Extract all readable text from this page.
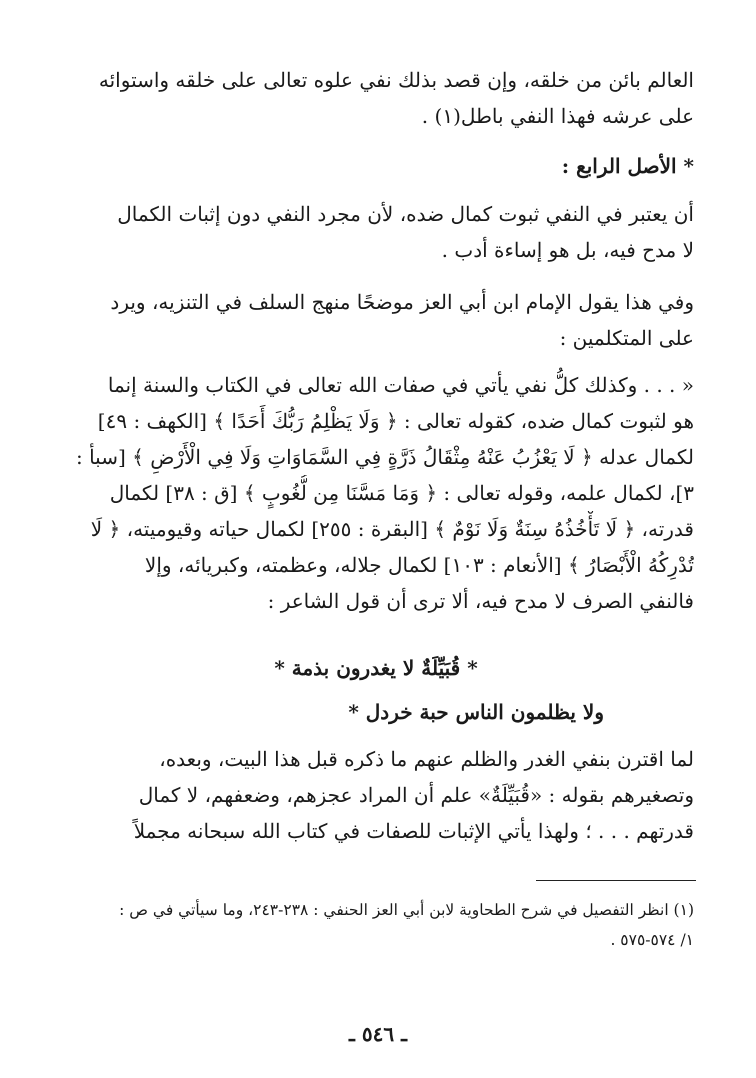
العالم بائن من خلقه، وإن قصد بذلك نفي علوه تعالى على خلقه واستوائه
على عرشه فهذا النفي باطل(١) .
* الأصل الرابع :
أن يعتبر في النفي ثبوت كمال ضده، لأن مجرد النفي دون إثبات الكمال
لا مدح فيه، بل هو إساءة أدب .
وفي هذا يقول الإمام ابن أبي العز موضحًا منهج السلف في التنزيه، ويرد
على المتكلمين :
« . . . وكذلك كلُّ نفي يأتي في صفات الله تعالى في الكتاب والسنة إنما
هو لثبوت كمال ضده، كقوله تعالى : ﴿ وَلَا يَظْلِمُ رَبُّكَ أَحَدًا ﴾ [الكهف : ٤٩]
لكمال عدله ﴿ لَا يَعْزُبُ عَنْهُ مِثْقَالُ ذَرَّةٍ فِي السَّمَاوَاتِ وَلَا فِي الْأَرْضِ ﴾ [سبأ :
٣]، لكمال علمه، وقوله تعالى : ﴿ وَمَا مَسَّنَا مِن لُّغُوبٍ ﴾ [ق : ٣٨] لكمال
قدرته، ﴿ لَا تَأْخُذُهُ سِنَةٌ وَلَا نَوْمٌ ﴾ [البقرة : ٢٥٥] لكمال حياته وقيوميته، ﴿ لَا
تُدْرِكُهُ الْأَبْصَارُ ﴾ [الأنعام : ١٠٣] لكمال جلاله، وعظمته، وكبريائه، وإلا
فالنفي الصرف لا مدح فيه، ألا ترى أن قول الشاعر :
* قُبَيِّلَةٌ لا يغدرون بذمة *
ولا يظلمون الناس حبة خردل *
لما اقترن بنفي الغدر والظلم عنهم ما ذكره قبل هذا البيت، وبعده،
وتصغيرهم بقوله : «قُبَيِّلَةٌ» علم أن المراد عجزهم، وضعفهم، لا كمال
قدرتهم . . . ؛ ولهذا يأتي الإثبات للصفات في كتاب الله سبحانه مجملاً
(١) انظر التفصيل في شرح الطحاوية لابن أبي العز الحنفي : ٢٣٨-٢٤٣، وما سيأتي في ص :
١/ ٥٧٤-٥٧٥ .
ـ ٥٤٦ ـ
